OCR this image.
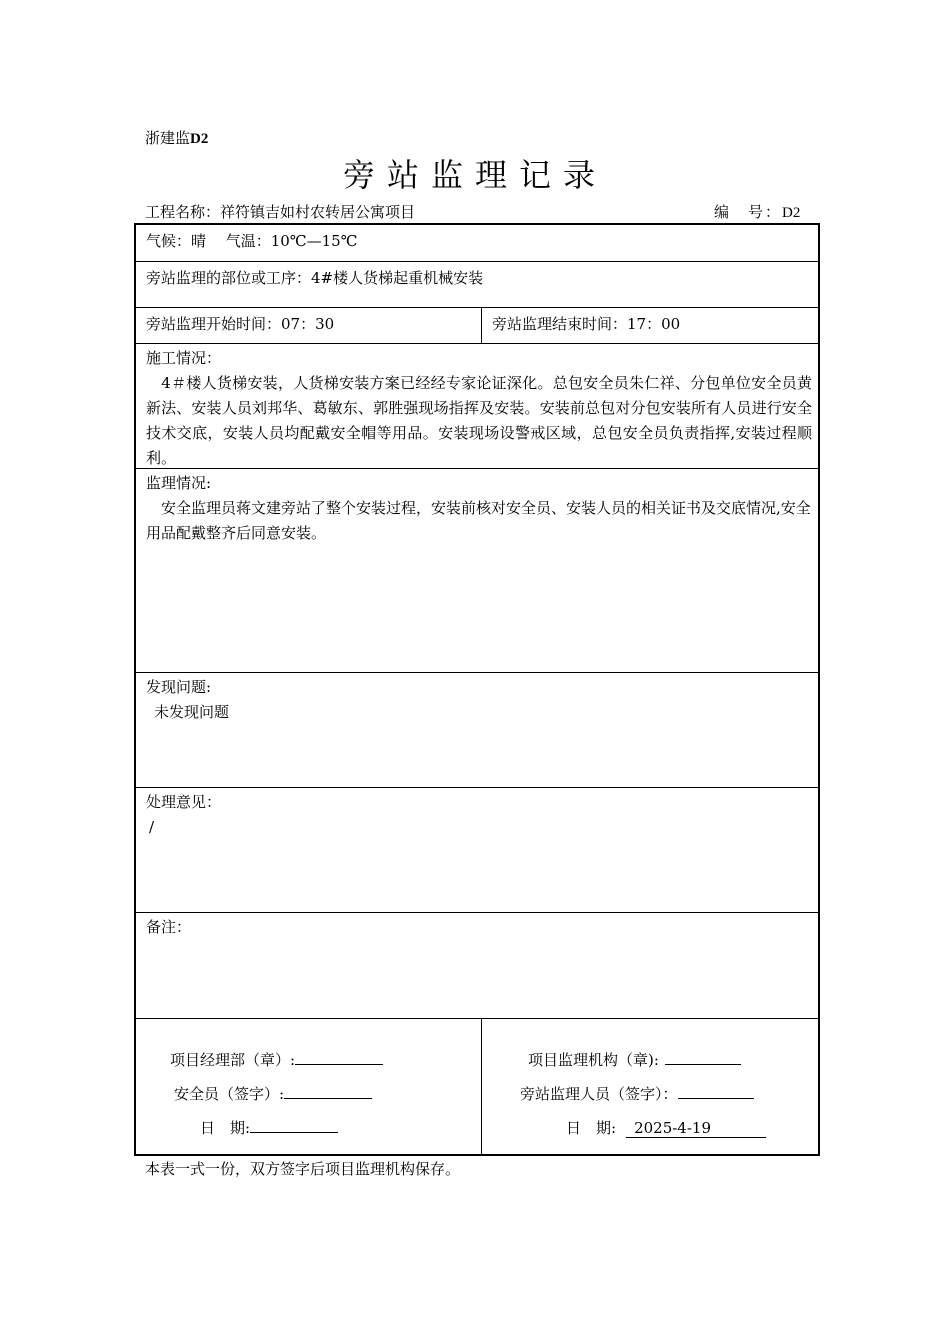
浙建监D2
旁站监理记录
工程名称：祥符镇吉如村农转居公寓项目	编　号：D2
气候：晴　 气温：10℃—15℃
旁站监理的部位或工序：4#楼人货梯起重机械安装
旁站监理开始时间：07：30	旁站监理结束时间：17：00
施工情况：
　4＃楼人货梯安装，人货梯安装方案已经经专家论证深化。总包安全员朱仁祥、分包单位安全员黄新法、安装人员刘邦华、葛敏东、郭胜强现场指挥及安装。安装前总包对分包安装所有人员进行安全技术交底，安装人员均配戴安全帽等用品。安装现场设警戒区域，总包安全员负责指挥,安装过程顺利。
监理情况:
　安全监理员蒋文建旁站了整个安装过程，安装前核对安全员、安装人员的相关证书及交底情况,安全用品配戴整齐后同意安装。
发现问题:
未发现问题
处理意见：
/
备注：
项目经理部（章）:
安全员（签字）:
日　期:
项目监理机构（章):
旁站监理人员（签字）：
日　期: 2025-4-19
本表一式一份，双方签字后项目监理机构保存。
